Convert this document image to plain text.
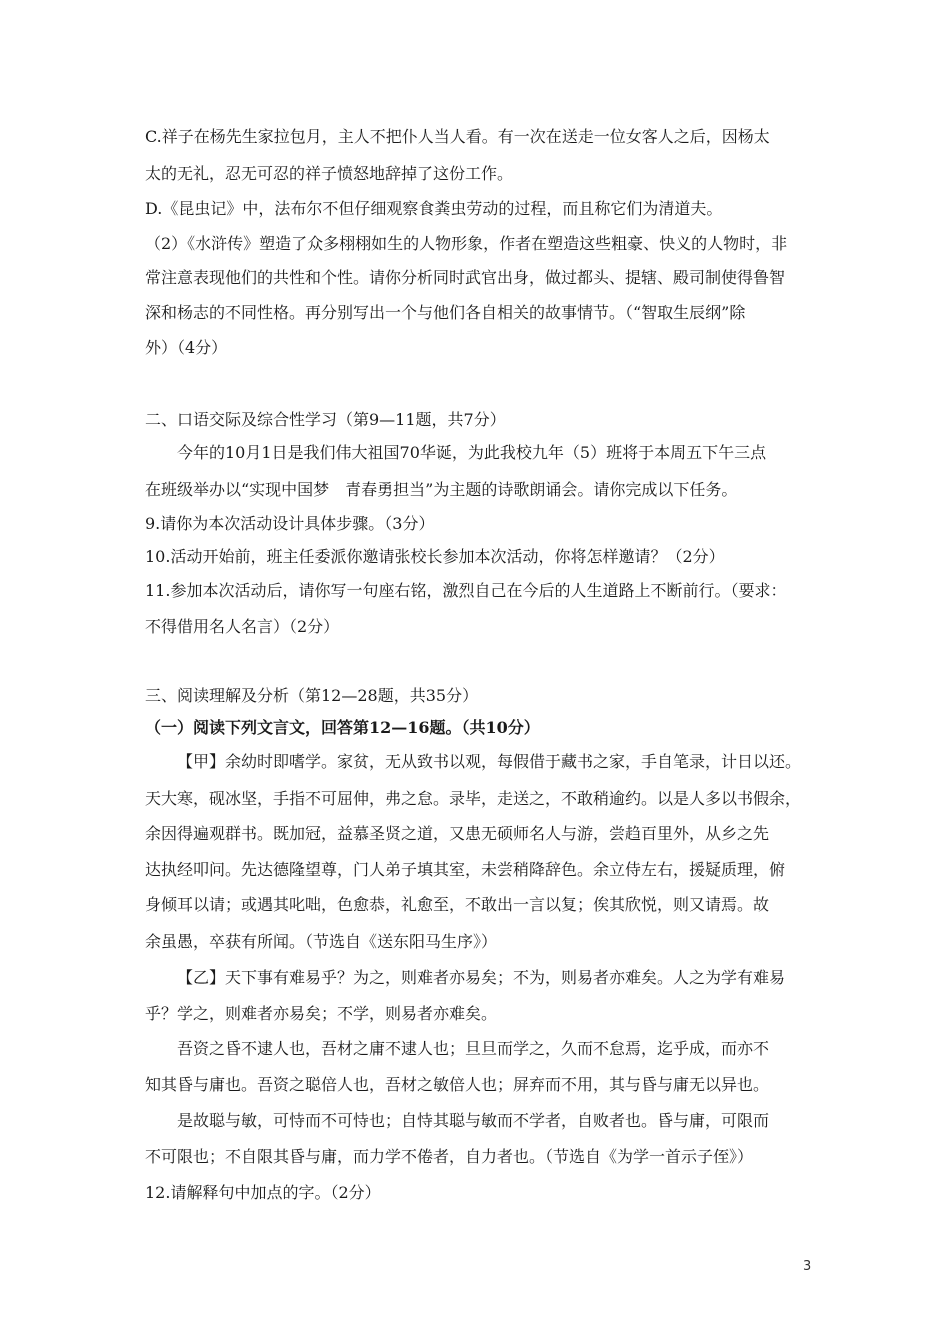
C.祥子在杨先生家拉包月，主人不把仆人当人看。有一次在送走一位女客人之后，因杨太
太的无礼，忍无可忍的祥子愤怒地辞掉了这份工作。
D.《昆虫记》中，法布尔不但仔细观察食粪虫劳动的过程，而且称它们为清道夫。
（2）《水浒传》塑造了众多栩栩如生的人物形象，作者在塑造这些粗豪、快义的人物时，非
常注意表现他们的共性和个性。请你分析同时武官出身，做过都头、提辖、殿司制使得鲁智
深和杨志的不同性格。再分别写出一个与他们各自相关的故事情节。（“智取生辰纲”除
外）（4分）
二、口语交际及综合性学习（第9—11题，共7分）
今年的10月1日是我们伟大祖国70华诞，为此我校九年（5）班将于本周五下午三点
在班级举办以“实现中国梦　青春勇担当”为主题的诗歌朗诵会。请你完成以下任务。
9.请你为本次活动设计具体步骤。（3分）
10.活动开始前，班主任委派你邀请张校长参加本次活动，你将怎样邀请？（2分）
11.参加本次活动后，请你写一句座右铭，激烈自己在今后的人生道路上不断前行。（要求：
不得借用名人名言）（2分）
三、阅读理解及分析（第12—28题，共35分）
（一）阅读下列文言文，回答第12—16题。（共10分）
【甲】余幼时即嗜学。家贫，无从致书以观，每假借于藏书之家，手自笔录，计日以还。
天大寒，砚冰坚，手指不可屈伸，弗之怠。录毕，走送之，不敢稍逾约。以是人多以书假余，
余因得遍观群书。既加冠，益慕圣贤之道，又患无硕师名人与游，尝趋百里外，从乡之先
达执经叩问。先达德隆望尊，门人弟子填其室，未尝稍降辞色。余立侍左右，援疑质理，俯
身倾耳以请；或遇其叱咄，色愈恭，礼愈至，不敢出一言以复；俟其欣悦，则又请焉。故
余虽愚，卒获有所闻。（节选自《送东阳马生序》）
【乙】天下事有难易乎？为之，则难者亦易矣；不为，则易者亦难矣。人之为学有难易
乎？学之，则难者亦易矣；不学，则易者亦难矣。
吾资之昏不逮人也，吾材之庸不逮人也；旦旦而学之，久而不怠焉，迄乎成，而亦不
知其昏与庸也。吾资之聪倍人也，吾材之敏倍人也；屏弃而不用，其与昏与庸无以异也。
是故聪与敏，可恃而不可恃也；自恃其聪与敏而不学者，自败者也。昏与庸，可限而
不可限也；不自限其昏与庸，而力学不倦者，自力者也。（节选自《为学一首示子侄》）
12.请解释句中加点的字。（2分）
3
